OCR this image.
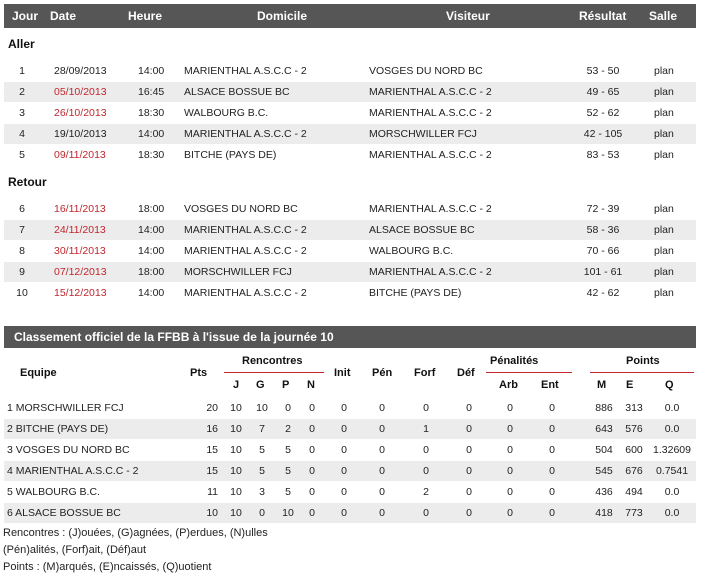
Jour Date	Heure	Domicile	Visiteur	Résultat Salle
Aller
1	28/09/2013	14:00 MARIENTHAL A.S.C.C - 2	VOSGES DU NORD BC	53 - 50	plan
2	05/10/2013	16:45 ALSACE BOSSUE BC	MARIENTHAL A.S.C.C - 2	49 - 65	plan
3	26/10/2013	18:30 WALBOURG B.C.	MARIENTHAL A.S.C.C - 2	52 - 62	plan
4	19/10/2013	14:00 MARIENTHAL A.S.C.C - 2	MORSCHWILLER FCJ	42 - 105	plan
5	09/11/2013	18:30 BITCHE (PAYS DE)	MARIENTHAL A.S.C.C - 2	83 - 53	plan
Retour
6	16/11/2013	18:00 VOSGES DU NORD BC	MARIENTHAL A.S.C.C - 2	72 - 39	plan
7	24/11/2013	14:00 MARIENTHAL A.S.C.C - 2	ALSACE BOSSUE BC	58 - 36	plan
8	30/11/2013	14:00 MARIENTHAL A.S.C.C - 2	WALBOURG B.C.	70 - 66	plan
9	07/12/2013	18:00 MORSCHWILLER FCJ	MARIENTHAL A.S.C.C - 2	101 - 61	plan
10	15/12/2013	14:00 MARIENTHAL A.S.C.C - 2	BITCHE (PAYS DE)	42 - 62	plan
Classement officiel de la FFBB à l'issue de la journée 10
Equipe	Pts
Rencontres
J G P N
Init Pén Forf Déf
Pénalités
Arb Ent
Points
M E	Q
1 MORSCHWILLER FCJ	20	10	10	0	0	0	0	0	0	0	0	886	313	0.0
2 BITCHE (PAYS DE)	16	10	7	2	0	0	0	1	0	0	0	643	576	0.0
3 VOSGES DU NORD BC	15	10	5	5	0	0	0	0	0	0	0	504	600 1.32609
4 MARIENTHAL A.S.C.C - 2	15	10	5	5	0	0	0	0	0	0	0	545	676	0.7541
5 WALBOURG B.C.	11	10	3	5	0	0	0	2	0	0	0	436	494	0.0
6 ALSACE BOSSUE BC	10	10	0	10	0	0	0	0	0	0	0	418	773	0.0
Rencontres : (J)ouées, (G)agnées, (P)erdues, (N)ulles
(Pén)alités, (Forf)ait, (Déf)aut
Points : (M)arqués, (E)ncaissés, (Q)uotient
